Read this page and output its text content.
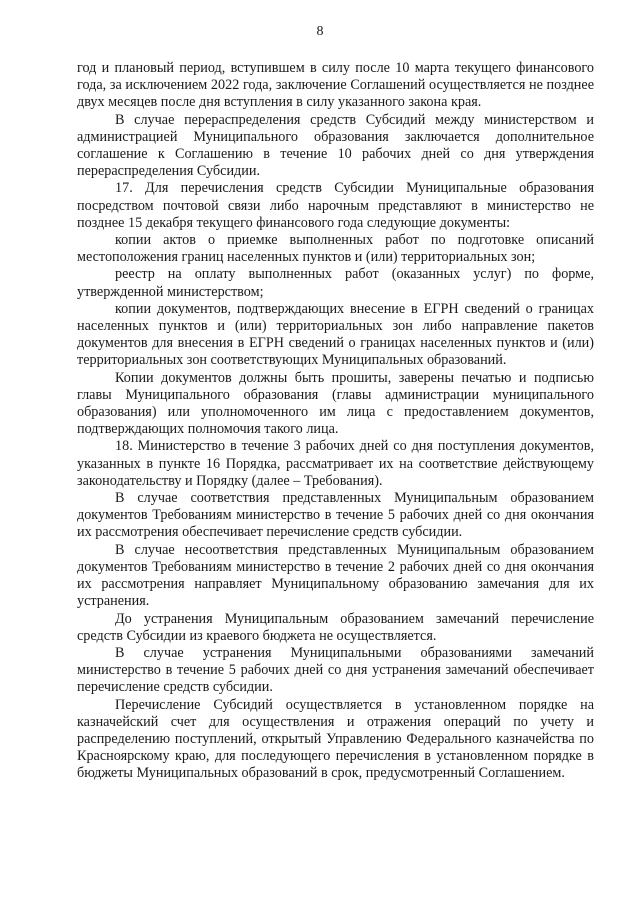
8

год и плановый период, вступившем в силу после 10 марта текущего финансового года, за исключением 2022 года, заключение Соглашений осуществляется не позднее двух месяцев после дня вступления в силу указанного закона края.

В случае перераспределения средств Субсидий между министерством и администрацией Муниципального образования заключается дополнительное соглашение к Соглашению в течение 10 рабочих дней со дня утверждения перераспределения Субсидии.

17. Для перечисления средств Субсидии Муниципальные образования посредством почтовой связи либо нарочным представляют в министерство не позднее 15 декабря текущего финансового года следующие документы:

копии актов о приемке выполненных работ по подготовке описаний местоположения границ населенных пунктов и (или) территориальных зон;

реестр на оплату выполненных работ (оказанных услуг) по форме, утвержденной министерством;

копии документов, подтверждающих внесение в ЕГРН сведений о границах населенных пунктов и (или) территориальных зон либо направление пакетов документов для внесения в ЕГРН сведений о границах населенных пунктов и (или) территориальных зон соответствующих Муниципальных образований.

Копии документов должны быть прошиты, заверены печатью и подписью главы Муниципального образования (главы администрации муниципального образования) или уполномоченного им лица с предоставлением документов, подтверждающих полномочия такого лица.

18. Министерство в течение 3 рабочих дней со дня поступления документов, указанных в пункте 16 Порядка, рассматривает их на соответствие действующему законодательству и Порядку (далее – Требования).

В случае соответствия представленных Муниципальным образованием документов Требованиям министерство в течение 5 рабочих дней со дня окончания их рассмотрения обеспечивает перечисление средств субсидии.

В случае несоответствия представленных Муниципальным образованием документов Требованиям министерство в течение 2 рабочих дней со дня окончания их рассмотрения направляет Муниципальному образованию замечания для их устранения.

До устранения Муниципальным образованием замечаний перечисление средств Субсидии из краевого бюджета не осуществляется.

В случае устранения Муниципальными образованиями замечаний министерство в течение 5 рабочих дней со дня устранения замечаний обеспечивает перечисление средств субсидии.

Перечисление Субсидий осуществляется в установленном порядке на казначейский счет для осуществления и отражения операций по учету и распределению поступлений, открытый Управлению Федерального казначейства по Красноярскому краю, для последующего перечисления в установленном порядке в бюджеты Муниципальных образований в срок, предусмотренный Соглашением.
